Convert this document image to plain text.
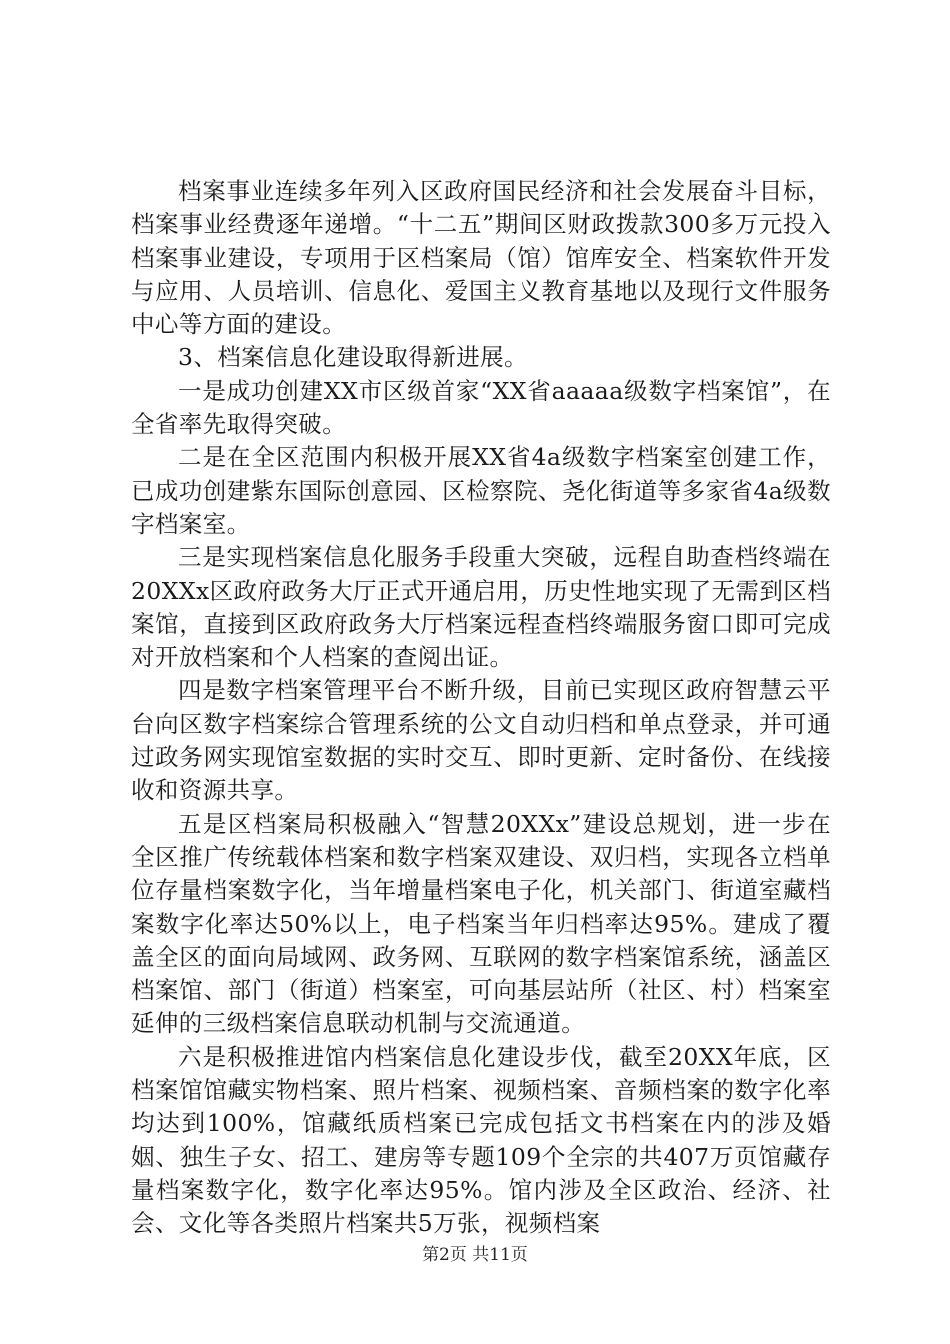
档案事业连续多年列入区政府国民经济和社会发展奋斗目标，档案事业经费逐年递增。“十二五”期间区财政拨款300多万元投入档案事业建设，专项用于区档案局（馆）馆库安全、档案软件开发与应用、人员培训、信息化、爱国主义教育基地以及现行文件服务中心等方面的建设。

3、档案信息化建设取得新进展。

一是成功创建XX市区级首家“XX省aaaaa级数字档案馆”，在全省率先取得突破。

二是在全区范围内积极开展XX省4a级数字档案室创建工作，已成功创建紫东国际创意园、区检察院、尧化街道等多家省4a级数字档案室。

三是实现档案信息化服务手段重大突破，远程自助查档终端在20XXx区政府政务大厅正式开通启用，历史性地实现了无需到区档案馆，直接到区政府政务大厅档案远程查档终端服务窗口即可完成对开放档案和个人档案的查阅出证。

四是数字档案管理平台不断升级，目前已实现区政府智慧云平台向区数字档案综合管理系统的公文自动归档和单点登录，并可通过政务网实现馆室数据的实时交互、即时更新、定时备份、在线接收和资源共享。

五是区档案局积极融入“智慧20XXx”建设总规划，进一步在全区推广传统载体档案和数字档案双建设、双归档，实现各立档单位存量档案数字化，当年增量档案电子化，机关部门、街道室藏档案数字化率达50%以上，电子档案当年归档率达95%。建成了覆盖全区的面向局域网、政务网、互联网的数字档案馆系统，涵盖区档案馆、部门（街道）档案室，可向基层站所（社区、村）档案室延伸的三级档案信息联动机制与交流通道。

六是积极推进馆内档案信息化建设步伐，截至20XX年底，区档案馆馆藏实物档案、照片档案、视频档案、音频档案的数字化率均达到100%，馆藏纸质档案已完成包括文书档案在内的涉及婚姻、独生子女、招工、建房等专题109个全宗的共407万页馆藏存量档案数字化，数字化率达95%。馆内涉及全区政治、经济、社会、文化等各类照片档案共5万张，视频档案

第2页 共11页
